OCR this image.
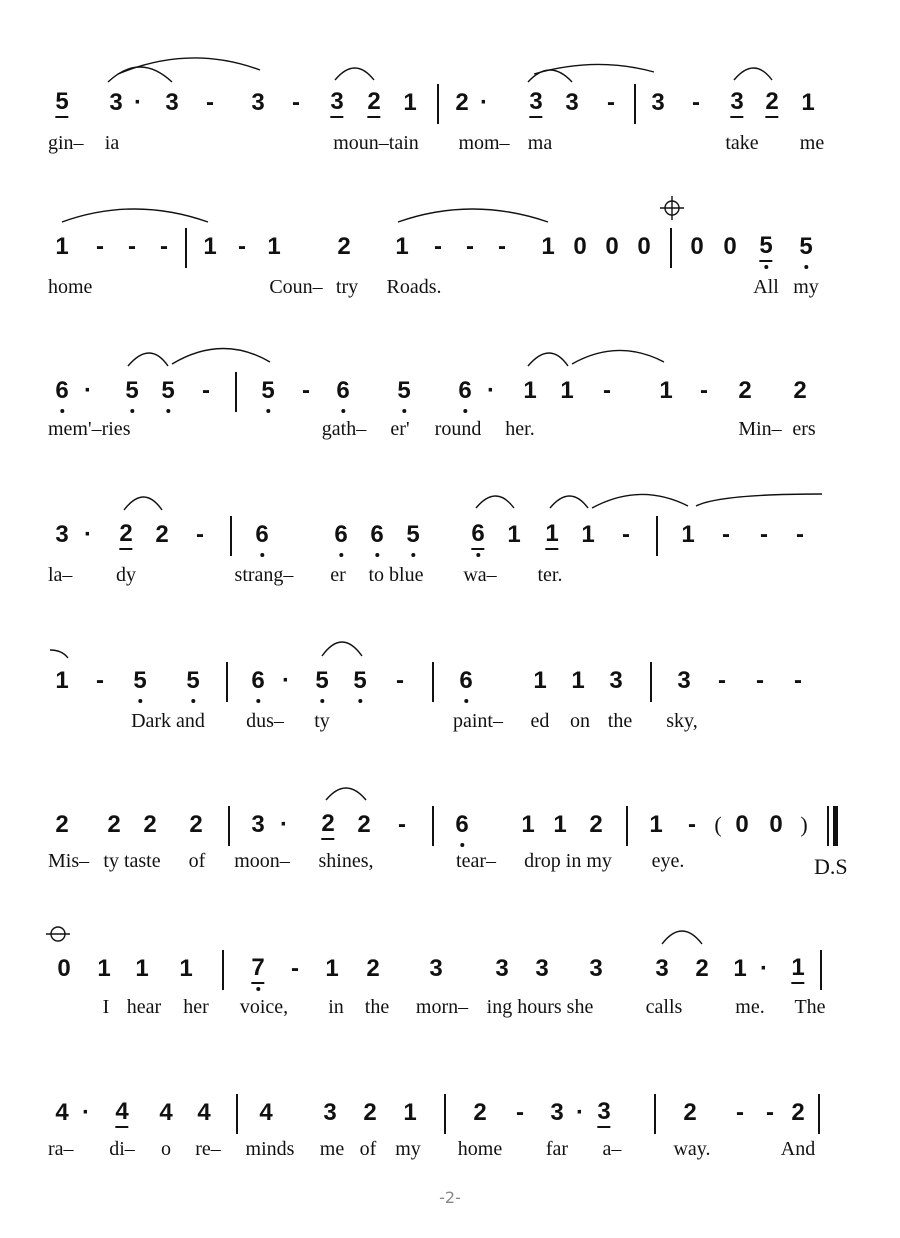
5 3 · 3 - 3 - 3 2 1 2 · 3 3 - 3 - 3 2 1
gin– ia	moun–tain mom– ma	take me
1 - - - 1 - 1 2 1 - - - 1 0 0 0 0 0 5 5
home	Coun– try Roads.	All my
6 · 5 5 - 5 - 6 5 6 · 1 1 - 1 - 2 2
mem'–ries	gath– er' round her.	Min– ers
3 · 2 2 - 6	6 6 5 6 1 1 1 - 1 - - -
la– dy	strang– er to blue wa– ter.
1 - 5 5 6 · 5 5 - 6	1 1 3 3 - - -
Dark and dus– ty	paint– ed on the sky,
2 2 2 2 3 · 2 2 - 6 1 1 2 1 - ( 0 0 )
Mis– ty taste of moon– shines,	tear– drop in my eye.	D.S
0 1 1 1 7 - 1 2 3 3 3 3 3 2 1 · 1
I hear her voice, in the morn– ing hours she	calls	me. The
4 · 4 4 4 4 3 2 1 2 - 3 · 3	2 - - 2
ra– di– o re– minds me of my home far a–	way.	And
-2-
